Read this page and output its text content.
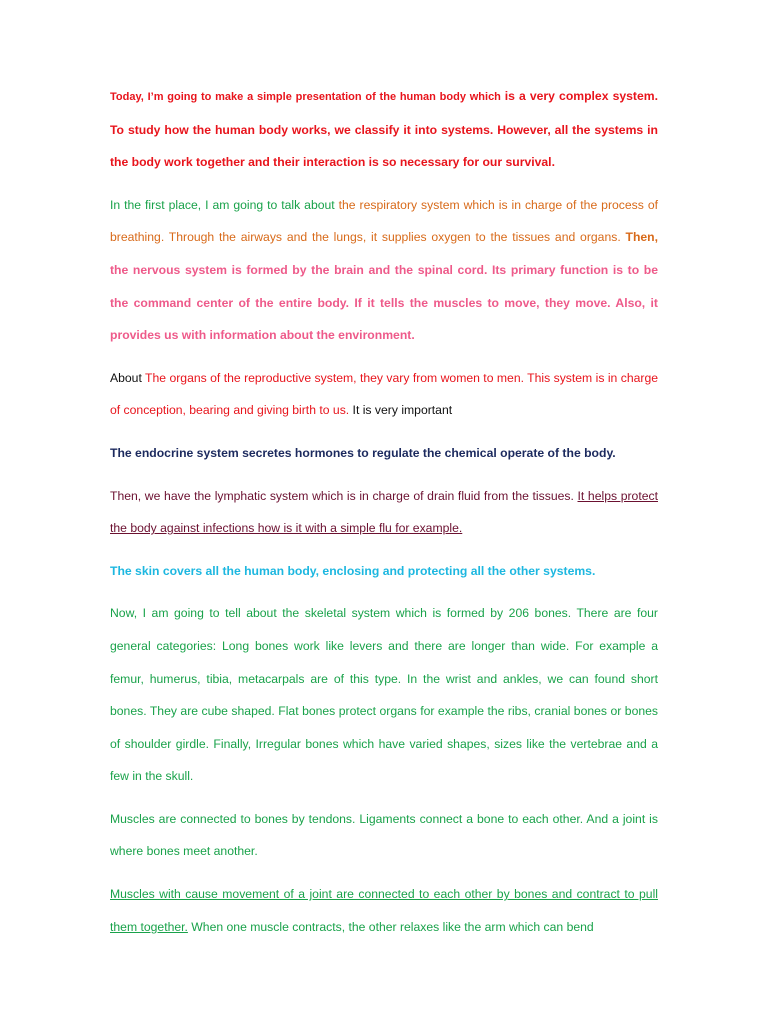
Today, I’m going to make a simple presentation of the human body which is a very complex system. To study how the human body works, we classify it into systems. However, all the systems in the body work together and their interaction is so necessary for our survival.

In the first place, I am going to talk about the respiratory system which is in charge of the process of breathing. Through the airways and the lungs, it supplies oxygen to the tissues and organs. Then, the nervous system is formed by the brain and the spinal cord. Its primary function is to be the command center of the entire body. If it tells the muscles to move, they move. Also, it provides us with information about the environment.

About The organs of the reproductive system, they vary from women to men. This system is in charge of conception, bearing and giving birth to us. It is very important

The endocrine system secretes hormones to regulate the chemical operate of the body.

Then, we have the lymphatic system which is in charge of drain fluid from the tissues. It helps protect the body against infections how is it with a simple flu for example.

The skin covers all the human body, enclosing and protecting all the other systems.

Now, I am going to tell about the skeletal system which is formed by 206 bones. There are four general categories: Long bones work like levers and there are longer than wide. For example a femur, humerus, tibia, metacarpals are of this type. In the wrist and ankles, we can found short bones. They are cube shaped. Flat bones protect organs for example the ribs, cranial bones or bones of shoulder girdle. Finally, Irregular bones which have varied shapes, sizes like the vertebrae and a few in the skull.

Muscles are connected to bones by tendons. Ligaments connect a bone to each other. And a joint is where bones meet another.

Muscles with cause movement of a joint are connected to each other by bones and contract to pull them together. When one muscle contracts, the other relaxes like the arm which can bend
